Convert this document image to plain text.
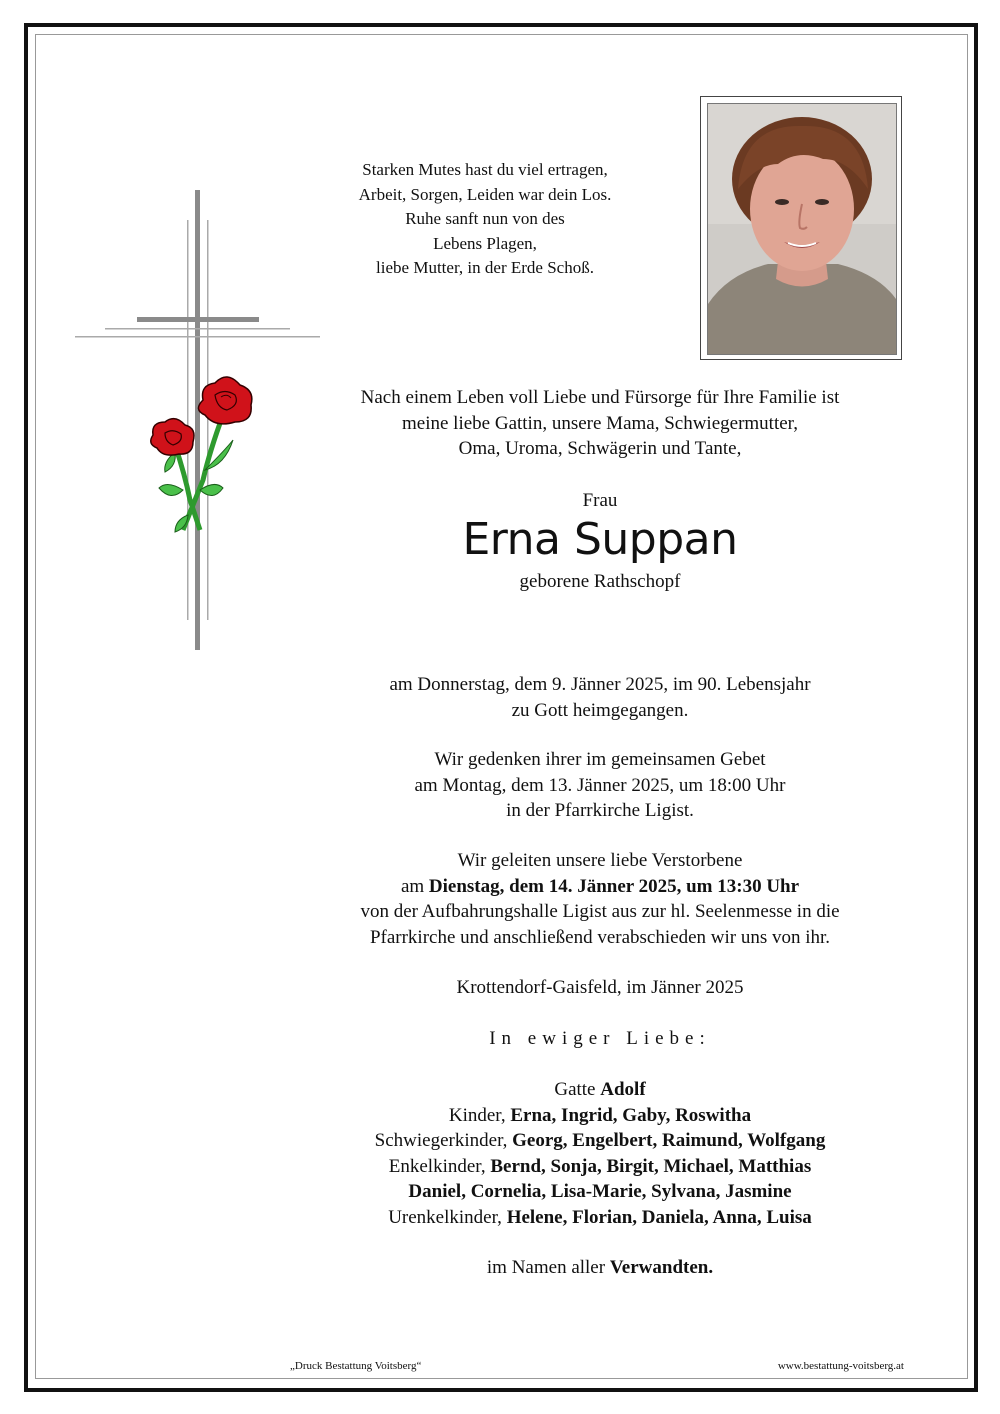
Starken Mutes hast du viel ertragen,
Arbeit, Sorgen, Leiden war dein Los.
Ruhe sanft nun von des
Lebens Plagen,
liebe Mutter, in der Erde Schoß.
Nach einem Leben voll Liebe und Fürsorge für Ihre Familie ist
meine liebe Gattin, unsere Mama, Schwiegermutter,
Oma, Uroma, Schwägerin und Tante,
Frau
Erna Suppan
geborene Rathschopf
am Donnerstag, dem 9. Jänner 2025, im 90. Lebensjahr
zu Gott heimgegangen.
Wir gedenken ihrer im gemeinsamen Gebet
am Montag, dem 13. Jänner 2025, um 18:00 Uhr
in der Pfarrkirche Ligist.
Wir geleiten unsere liebe Verstorbene
am Dienstag, dem 14. Jänner 2025, um 13:30 Uhr
von der Aufbahrungshalle Ligist aus zur hl. Seelenmesse in die
Pfarrkirche und anschließend verabschieden wir uns von ihr.
Krottendorf-Gaisfeld, im Jänner 2025
In ewiger Liebe:
Gatte Adolf
Kinder, Erna, Ingrid, Gaby, Roswitha
Schwiegerkinder, Georg, Engelbert, Raimund, Wolfgang
Enkelkinder, Bernd, Sonja, Birgit, Michael, Matthias
Daniel, Cornelia, Lisa-Marie, Sylvana, Jasmine
Urenkelkinder, Helene, Florian, Daniela, Anna, Luisa
im Namen aller Verwandten.
„Druck Bestattung Voitsberg“	www.bestattung-voitsberg.at
